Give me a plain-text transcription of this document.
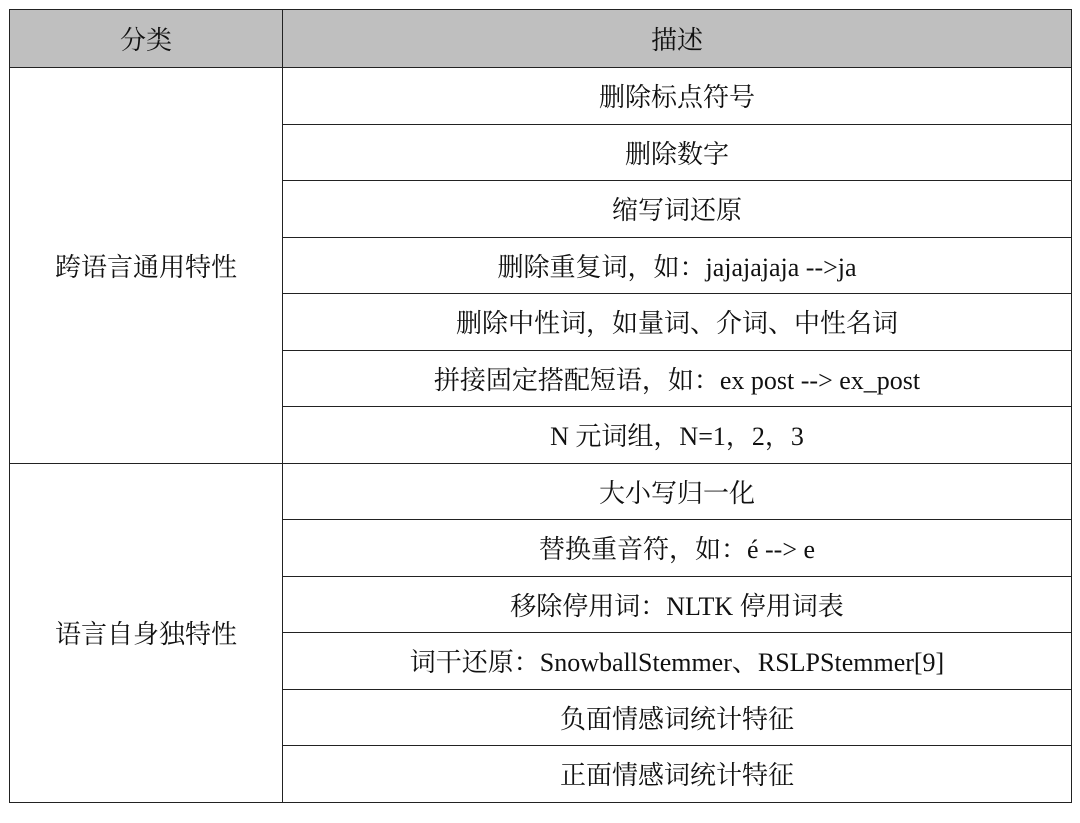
分类	描述
跨语言通用特性	删除标点符号
	删除数字
	缩写词还原
	删除重复词，如：jajajajaja -->ja
	删除中性词，如量词、介词、中性名词
	拼接固定搭配短语，如：ex post --> ex_post
	N 元词组，N=1，2，3
语言自身独特性	大小写归一化
	替换重音符，如：é --> e
	移除停用词：NLTK 停用词表
	词干还原：SnowballStemmer、RSLPStemmer[9]
	负面情感词统计特征
	正面情感词统计特征
